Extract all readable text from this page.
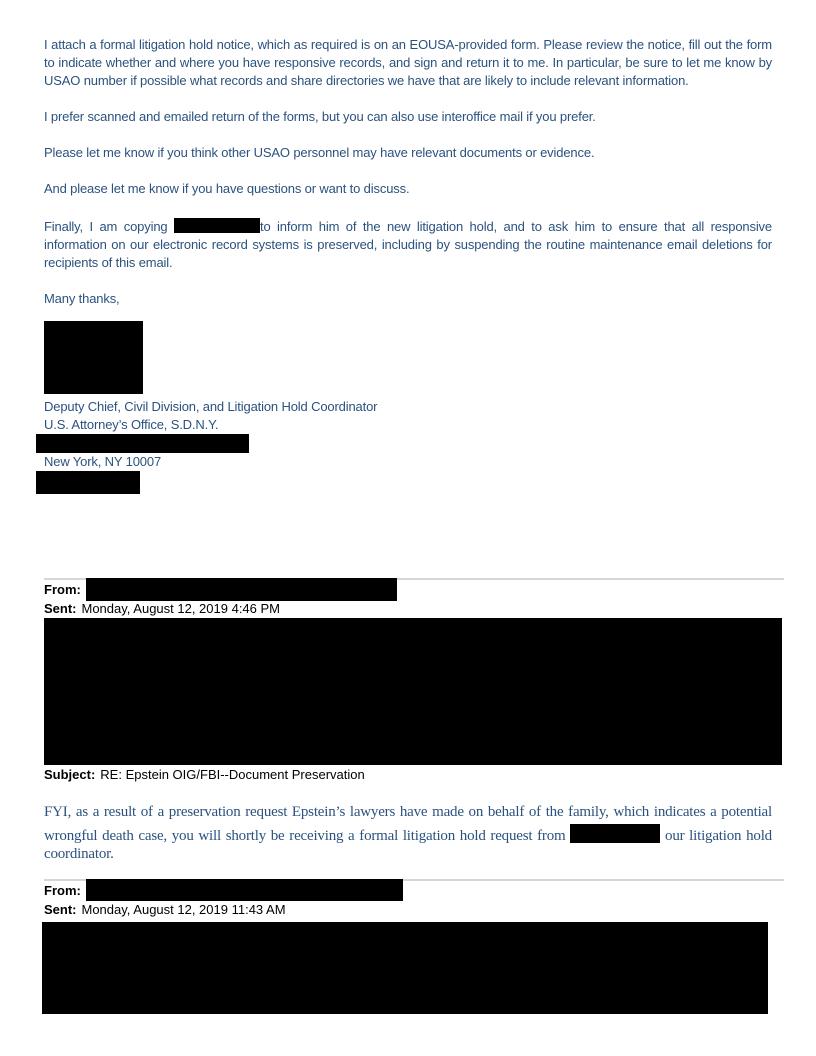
I attach a formal litigation hold notice, which as required is on an EOUSA-provided form. Please review the notice, fill out the form to indicate whether and where you have responsive records, and sign and return it to me. In particular, be sure to let me know by USAO number if possible what records and share directories we have that are likely to include relevant information.

I prefer scanned and emailed return of the forms, but you can also use interoffice mail if you prefer.

Please let me know if you think other USAO personnel may have relevant documents or evidence.

And please let me know if you have questions or want to discuss.

Finally, I am copying	to inform him of the new litigation hold, and to ask him to ensure that all responsive information on our electronic record systems is preserved, including by suspending the routine maintenance email deletions for recipients of this email.

Many thanks,

Deputy Chief, Civil Division, and Litigation Hold Coordinator
U.S. Attorney’s Office, S.D.N.Y.
New York, NY 10007
From:
Sent: Monday, August 12, 2019 4:46 PM
Subject: RE: Epstein OIG/FBI--Document Preservation

FYI, as a result of a preservation request Epstein’s lawyers have made on behalf of the family, which indicates a potential wrongful death case, you will shortly be receiving a formal litigation hold request from	our litigation hold coordinator.

From:
Sent: Monday, August 12, 2019 11:43 AM
